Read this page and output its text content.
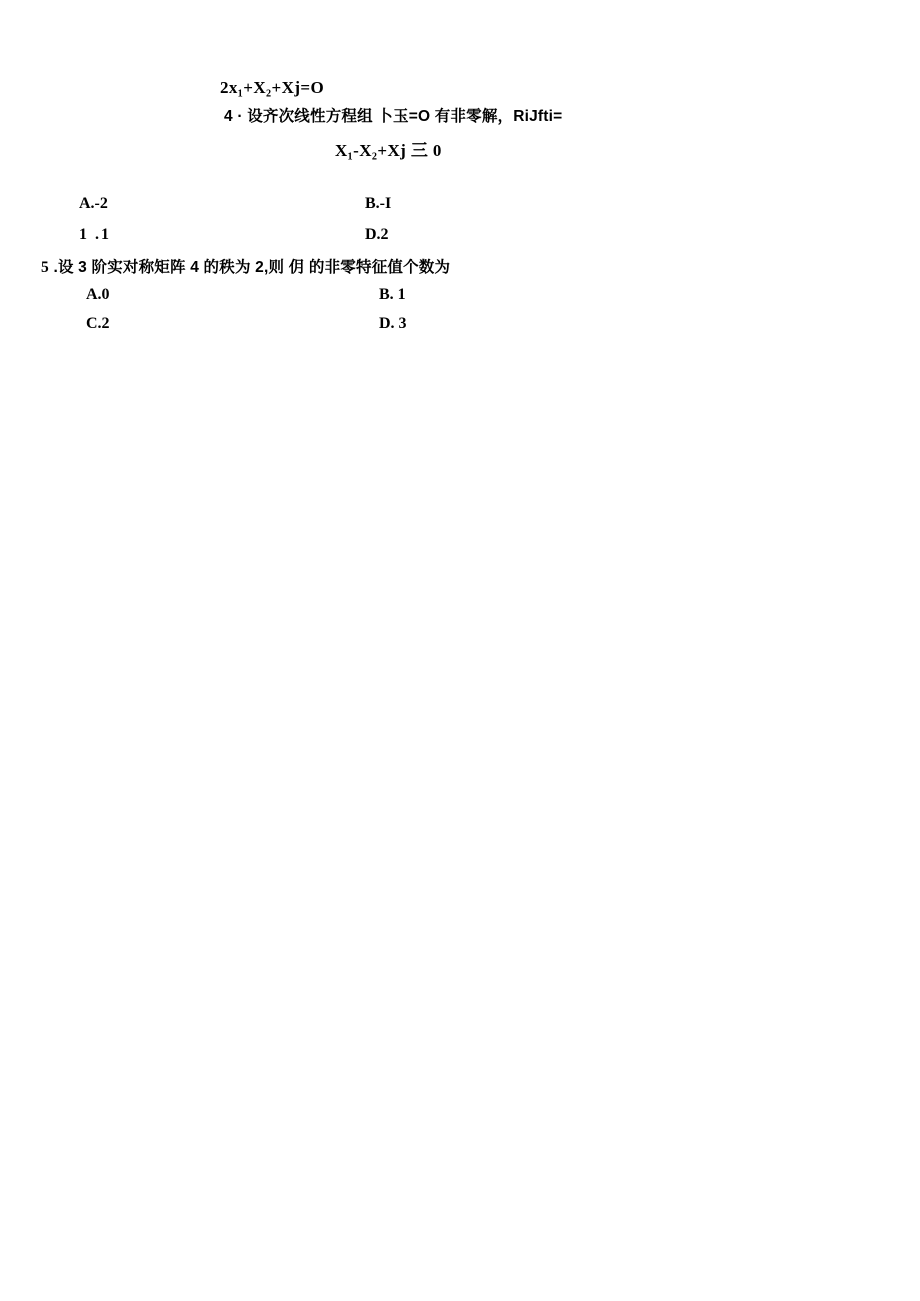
2x₁+X₂+Xj=O
4 · 设齐次线性方程组 卜玉=O 有非零解，RiJfti=
X₁-X₂+Xj 三 0
A.-2	B.-I
1 .1	D.2
5 .设 3 阶实对称矩阵 4 的秩为 2,则 仴 的非零特征值个数为
A.0	B. 1
C.2	D. 3
